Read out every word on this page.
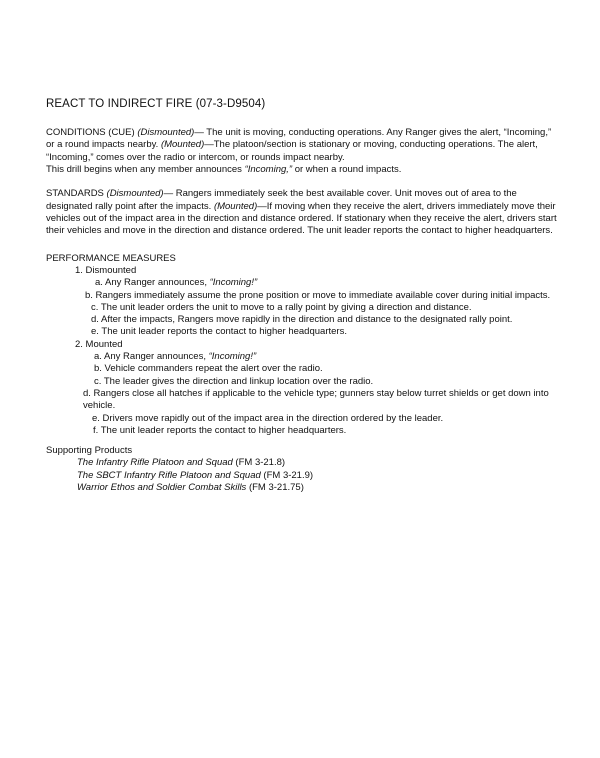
REACT TO INDIRECT FIRE (07-3-D9504)
CONDITIONS (CUE) (Dismounted)— The unit is moving, conducting operations. Any Ranger gives the alert, “Incoming,” or a round impacts nearby. (Mounted)—The platoon/section is stationary or moving, conducting operations. The alert, “Incoming,” comes over the radio or intercom, or rounds impact nearby.
This drill begins when any member announces “Incoming,” or when a round impacts.
STANDARDS (Dismounted)— Rangers immediately seek the best available cover. Unit moves out of area to the designated rally point after the impacts. (Mounted)—If moving when they receive the alert, drivers immediately move their vehicles out of the impact area in the direction and distance ordered. If stationary when they receive the alert, drivers start their vehicles and move in the direction and distance ordered. The unit leader reports the contact to higher headquarters.
PERFORMANCE MEASURES
1. Dismounted
a. Any Ranger announces, “Incoming!”
b. Rangers immediately assume the prone position or move to immediate available cover during initial impacts.
c. The unit leader orders the unit to move to a rally point by giving a direction and distance.
d. After the impacts, Rangers move rapidly in the direction and distance to the designated rally point.
e. The unit leader reports the contact to higher headquarters.
2. Mounted
a. Any Ranger announces, “Incoming!”
b. Vehicle commanders repeat the alert over the radio.
c. The leader gives the direction and linkup location over the radio.
d. Rangers close all hatches if applicable to the vehicle type; gunners stay below turret shields or get down into vehicle.
e. Drivers move rapidly out of the impact area in the direction ordered by the leader.
f. The unit leader reports the contact to higher headquarters.
Supporting Products
The Infantry Rifle Platoon and Squad (FM 3-21.8)
The SBCT Infantry Rifle Platoon and Squad (FM 3-21.9)
Warrior Ethos and Soldier Combat Skills (FM 3-21.75)
